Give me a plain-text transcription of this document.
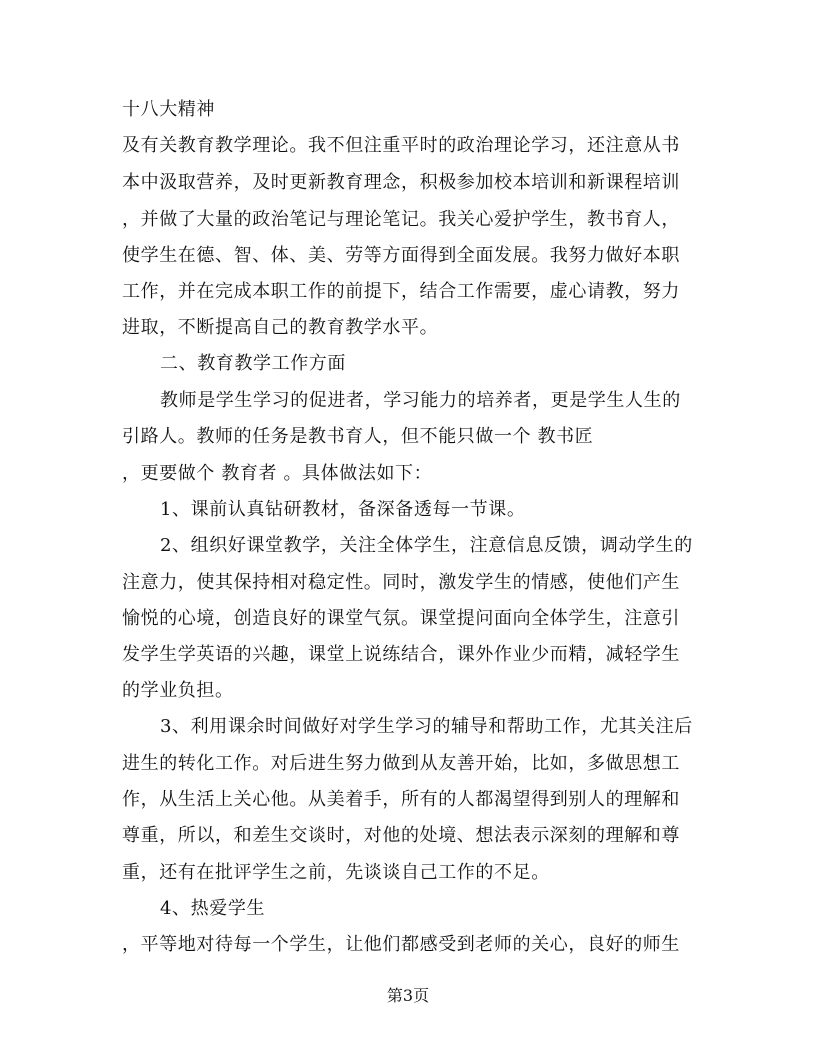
十八大精神
及有关教育教学理论。我不但注重平时的政治理论学习，还注意从书
本中汲取营养，及时更新教育理念，积极参加校本培训和新课程培训
，并做了大量的政治笔记与理论笔记。我关心爱护学生，教书育人，
使学生在德、智、体、美、劳等方面得到全面发展。我努力做好本职
工作，并在完成本职工作的前提下，结合工作需要，虚心请教，努力
进取，不断提高自己的教育教学水平。
二、教育教学工作方面
教师是学生学习的促进者，学习能力的培养者，更是学生人生的
引路人。教师的任务是教书育人，但不能只做一个 教书匠
，更要做个 教育者 。具体做法如下：
1、课前认真钻研教材，备深备透每一节课。
2、组织好课堂教学，关注全体学生，注意信息反馈，调动学生的
注意力，使其保持相对稳定性。同时，激发学生的情感，使他们产生
愉悦的心境，创造良好的课堂气氛。课堂提问面向全体学生，注意引
发学生学英语的兴趣，课堂上说练结合，课外作业少而精，减轻学生
的学业负担。
3、利用课余时间做好对学生学习的辅导和帮助工作，尤其关注后
进生的转化工作。对后进生努力做到从友善开始，比如，多做思想工
作，从生活上关心他。从美着手，所有的人都渴望得到别人的理解和
尊重，所以，和差生交谈时，对他的处境、想法表示深刻的理解和尊
重，还有在批评学生之前，先谈谈自己工作的不足。
4、热爱学生
，平等地对待每一个学生，让他们都感受到老师的关心，良好的师生
第3页
